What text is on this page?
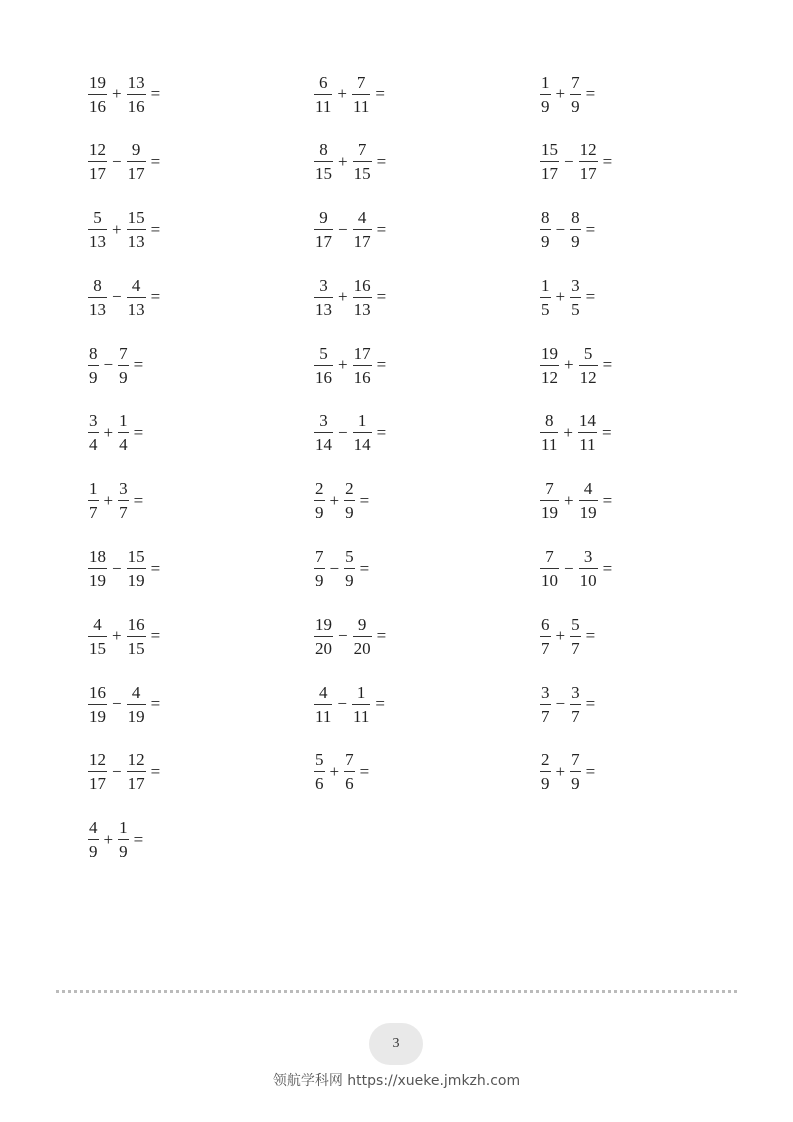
$\frac{19}{16} + \frac{13}{16}$ =	$\frac{6}{11} + \frac{7}{11}$ =	$\frac{1}{9} + \frac{7}{9}$ =
$\frac{12}{17} - \frac{9}{17}$ =	$\frac{8}{15} + \frac{7}{15}$ =	$\frac{15}{17} - \frac{12}{17}$ =
$\frac{5}{13} + \frac{15}{13}$ =	$\frac{9}{17} - \frac{4}{17}$ =	$\frac{8}{9} - \frac{8}{9}$ =
$\frac{8}{13} - \frac{4}{13}$ =	$\frac{3}{13} + \frac{16}{13}$ =	$\frac{1}{5} + \frac{3}{5}$ =
$\frac{8}{9} - \frac{7}{9}$ =	$\frac{5}{16} + \frac{17}{16}$ =	$\frac{19}{12} + \frac{5}{12}$ =
$\frac{3}{4} + \frac{1}{4}$ =	$\frac{3}{14} - \frac{1}{14}$ =	$\frac{8}{11} + \frac{14}{11}$ =
$\frac{1}{7} + \frac{3}{7}$ =	$\frac{2}{9} + \frac{2}{9}$ =	$\frac{7}{19} + \frac{4}{19}$ =
$\frac{18}{19} - \frac{15}{19}$ =	$\frac{7}{9} - \frac{5}{9}$ =	$\frac{7}{10} - \frac{3}{10}$ =
$\frac{4}{15} + \frac{16}{15}$ =	$\frac{19}{20} - \frac{9}{20}$ =	$\frac{6}{7} + \frac{5}{7}$ =
$\frac{16}{19} - \frac{4}{19}$ =	$\frac{4}{11} - \frac{1}{11}$ =	$\frac{3}{7} - \frac{3}{7}$ =
$\frac{12}{17} - \frac{12}{17}$ =	$\frac{5}{6} + \frac{7}{6}$ =	$\frac{2}{9} + \frac{7}{9}$ =
$\frac{4}{9} + \frac{1}{9}$ =
3
领航学科网 https://xueke.jmkzh.com
